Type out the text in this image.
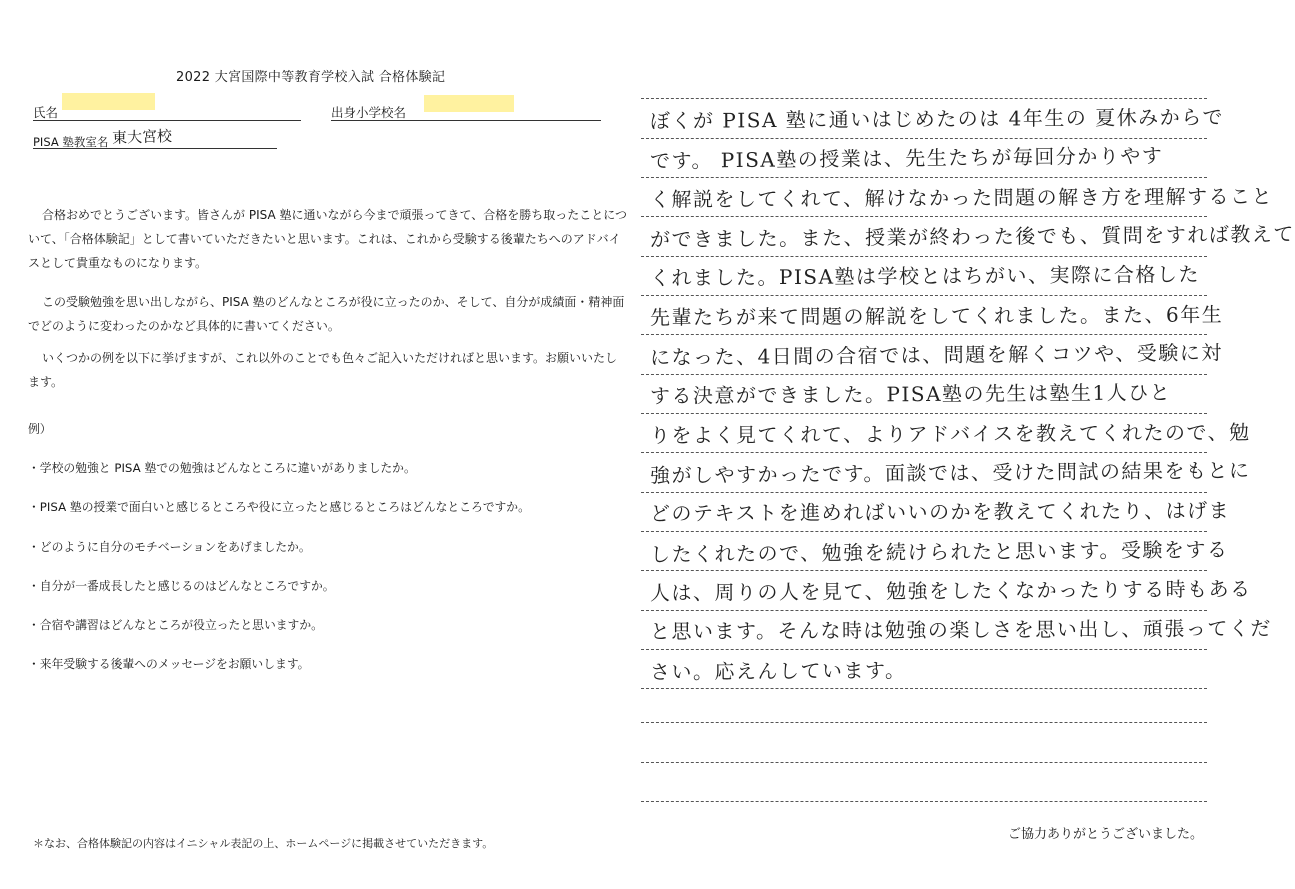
2022 大宮国際中等教育学校入試 合格体験記
氏名	出身小学校名
PISA 塾教室名 東大宮校
合格おめでとうございます。皆さんが PISA 塾に通いながら今まで頑張ってきて、合格を勝ち取ったことについて、「合格体験記」として書いていただきたいと思います。これは、これから受験する後輩たちへのアドバイスとして貴重なものになります。
この受験勉強を思い出しながら、PISA 塾のどんなところが役に立ったのか、そして、自分が成績面・精神面でどのように変わったのかなど具体的に書いてください。
いくつかの例を以下に挙げますが、これ以外のことでも色々ご記入いただければと思います。お願いいたします。
例）
・学校の勉強と PISA 塾での勉強はどんなところに違いがありましたか。
・PISA 塾の授業で面白いと感じるところや役に立ったと感じるところはどんなところですか。
・どのように自分のモチベーションをあげましたか。
・自分が一番成長したと感じるのはどんなところですか。
・合宿や講習はどんなところが役立ったと思いますか。
・来年受験する後輩へのメッセージをお願いします。
ぼくが PISA 塾に通いはじめたのは 4年生の 夏休みからで
です。 PISA塾の授業は、先生たちが毎回分かりやす
く解説をしてくれて、解けなかった問題の解き方を理解すること
ができました。また、授業が終わった後でも、質問をすれば教えて
くれました。PISA塾は学校とはちがい、実際に合格した
先輩たちが来て問題の解説をしてくれました。また、6年生
になった、4日間の合宿では、問題を解くコツや、受験に対
する決意ができました。PISA塾の先生は塾生1人ひと
りをよく見てくれて、よりアドバイスを教えてくれたので、勉
強がしやすかったです。面談では、受けた問試の結果をもとに
どのテキストを進めればいいのかを教えてくれたり、はげま
したくれたので、勉強を続けられたと思います。受験をする
人は、周りの人を見て、勉強をしたくなかったりする時もある
と思います。そんな時は勉強の楽しさを思い出し、頑張ってくだ
さい。応えんしています。
ご協力ありがとうございました。
＊なお、合格体験記の内容はイニシャル表記の上、ホームページに掲載させていただきます。
